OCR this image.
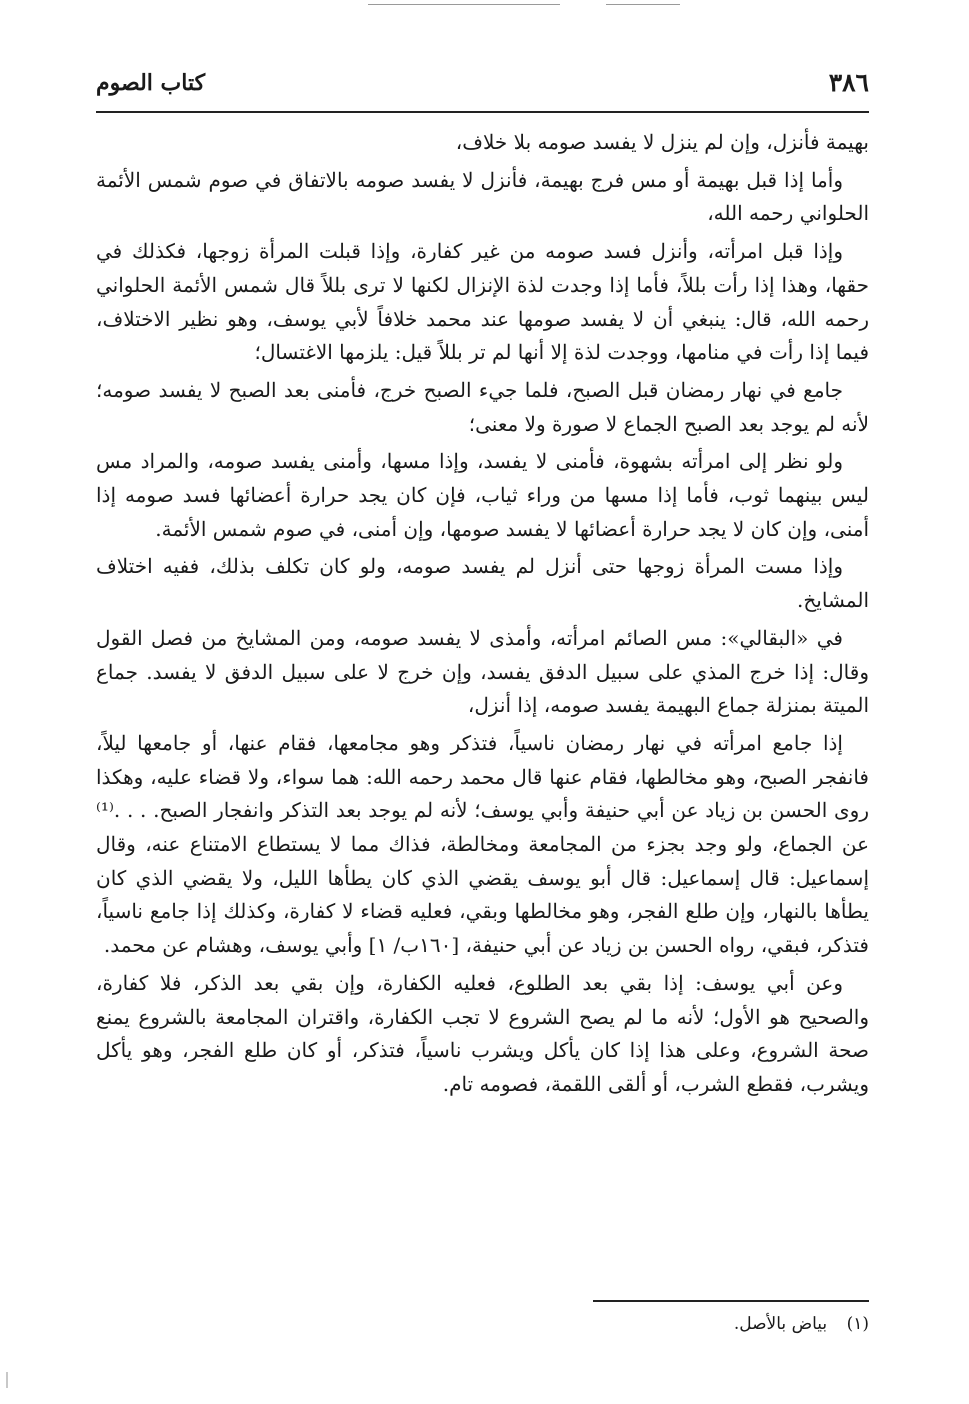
٣٨٦
كتاب الصوم

بهيمة فأنزل، وإن لم ينزل لا يفسد صومه بلا خلاف،

وأما إذا قبل بهيمة أو مس فرج بهيمة، فأنزل لا يفسد صومه بالاتفاق في صوم شمس الأئمة الحلواني رحمه الله،

وإذا قبل امرأته، وأنزل فسد صومه من غير كفارة، وإذا قبلت المرأة زوجها، فكذلك في حقها، وهذا إذا رأت بللاً، فأما إذا وجدت لذة الإنزال لكنها لا ترى بللاً قال شمس الأئمة الحلواني رحمه الله، قال: ينبغي أن لا يفسد صومها عند محمد خلافاً لأبي يوسف، وهو نظير الاختلاف، فيما إذا رأت في منامها، ووجدت لذة إلا أنها لم تر بللاً قيل: يلزمها الاغتسال؛

جامع في نهار رمضان قبل الصبح، فلما جيء الصبح خرج، فأمنى بعد الصبح لا يفسد صومه؛ لأنه لم يوجد بعد الصبح الجماع لا صورة ولا معنى؛

ولو نظر إلى امرأته بشهوة، فأمنى لا يفسد، وإذا مسها، وأمنى يفسد صومه، والمراد مس ليس بينهما ثوب، فأما إذا مسها من وراء ثياب، فإن كان يجد حرارة أعضائها فسد صومه إذا أمنى، وإن كان لا يجد حرارة أعضائها لا يفسد صومها، وإن أمنى، في صوم شمس الأئمة.

وإذا مست المرأة زوجها حتى أنزل لم يفسد صومه، ولو كان تكلف بذلك، ففيه اختلاف المشايخ.

في «البقالي»: مس الصائم امرأته، وأمذى لا يفسد صومه، ومن المشايخ من فصل القول وقال: إذا خرج المذي على سبيل الدفق يفسد، وإن خرج لا على سبيل الدفق لا يفسد. جماع الميتة بمنزلة جماع البهيمة يفسد صومه، إذا أنزل،

إذا جامع امرأته في نهار رمضان ناسياً، فتذكر وهو مجامعها، فقام عنها، أو جامعها ليلاً، فانفجر الصبح، وهو مخالطها، فقام عنها قال محمد رحمه الله: هما سواء، ولا قضاء عليه، وهكذا روى الحسن بن زياد عن أبي حنيفة وأبي يوسف؛ لأنه لم يوجد بعد التذكر وانفجار الصبح. . . .⁽¹⁾ عن الجماع، ولو وجد بجزء من المجامعة ومخالطة، فذاك مما لا يستطاع الامتناع عنه، وقال إسماعيل: قال إسماعيل: قال أبو يوسف يقضي الذي كان يطأها الليل، ولا يقضي الذي كان يطأها بالنهار، وإن طلع الفجر، وهو مخالطها وبقي، فعليه قضاء لا كفارة، وكذلك إذا جامع ناسياً، فتذكر، فبقي، رواه الحسن بن زياد عن أبي حنيفة، [١٦٠ب/ ١] وأبي يوسف، وهشام عن محمد.

وعن أبي يوسف: إذا بقي بعد الطلوع، فعليه الكفارة، وإن بقي بعد الذكر، فلا كفارة، والصحيح هو الأول؛ لأنه ما لم يصح الشروع لا تجب الكفارة، واقتران المجامعة بالشروع يمنع صحة الشروع، وعلى هذا إذا كان يأكل ويشرب ناسياً، فتذكر، أو كان طلع الفجر، وهو يأكل ويشرب، فقطع الشرب، أو ألقى اللقمة، فصومه تام.

(١) بياض بالأصل.
